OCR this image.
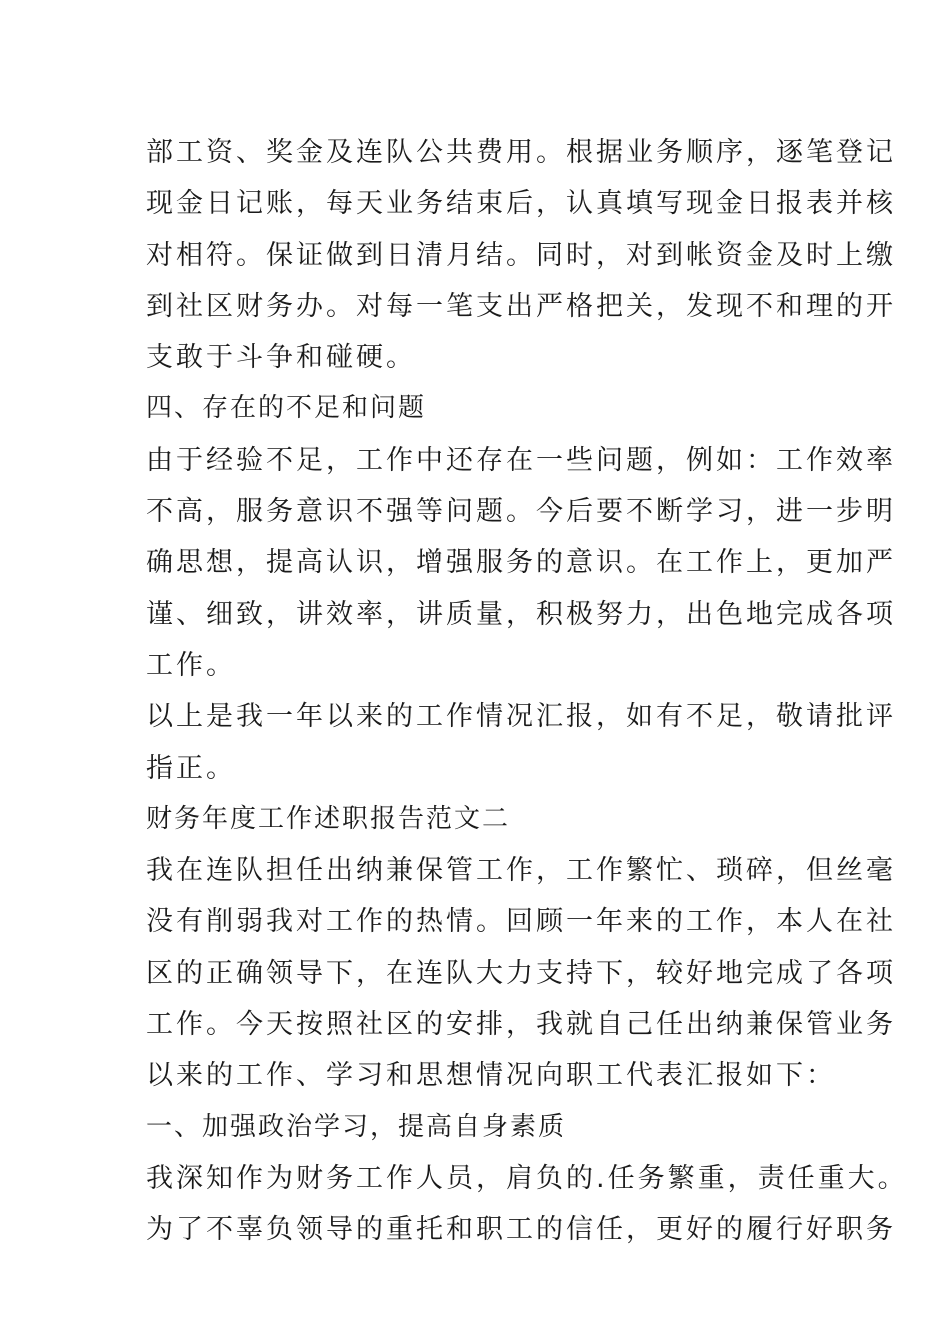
部工资、奖金及连队公共费用。根据业务顺序，逐笔登记
现金日记账，每天业务结束后，认真填写现金日报表并核
对相符。保证做到日清月结。同时，对到帐资金及时上缴
到社区财务办。对每一笔支出严格把关，发现不和理的开
支敢于斗争和碰硬。
四、存在的不足和问题
由于经验不足，工作中还存在一些问题，例如：工作效率
不高，服务意识不强等问题。今后要不断学习，进一步明
确思想，提高认识，增强服务的意识。在工作上，更加严
谨、细致，讲效率，讲质量，积极努力，出色地完成各项
工作。
以上是我一年以来的工作情况汇报，如有不足，敬请批评
指正。
财务年度工作述职报告范文二
我在连队担任出纳兼保管工作，工作繁忙、琐碎，但丝毫
没有削弱我对工作的热情。回顾一年来的工作，本人在社
区的正确领导下，在连队大力支持下，较好地完成了各项
工作。今天按照社区的安排，我就自己任出纳兼保管业务
以来的工作、学习和思想情况向职工代表汇报如下：
一、加强政治学习，提高自身素质
我深知作为财务工作人员，肩负的.任务繁重，责任重大。
为了不辜负领导的重托和职工的信任，更好的履行好职务
